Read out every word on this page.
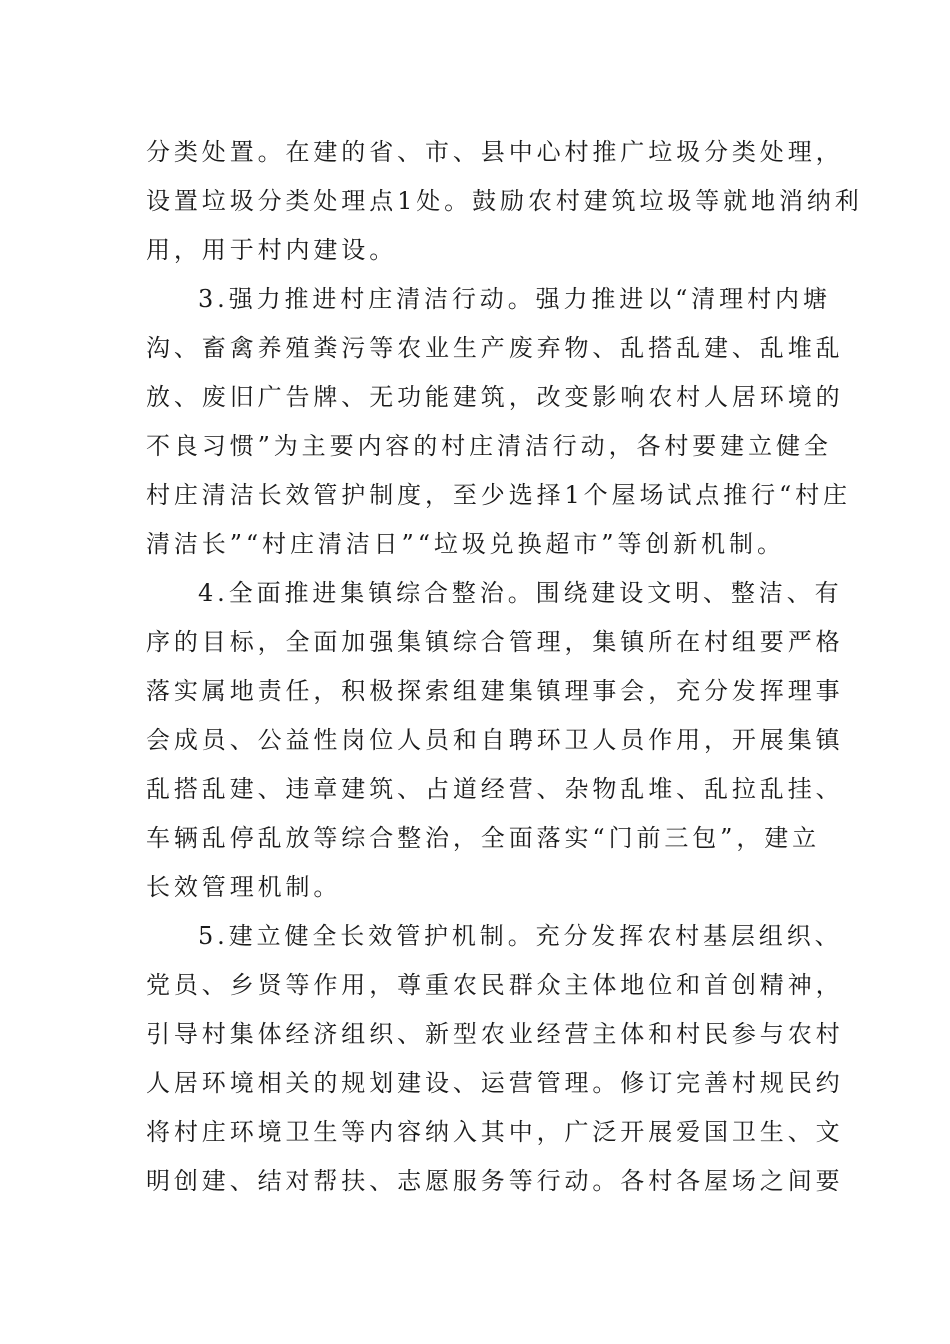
分类处置。在建的省、市、县中心村推广垃圾分类处理，
设置垃圾分类处理点1处。鼓励农村建筑垃圾等就地消纳利
用，用于村内建设。
3.强力推进村庄清洁行动。强力推进以“清理村内塘
沟、畜禽养殖粪污等农业生产废弃物、乱搭乱建、乱堆乱
放、废旧广告牌、无功能建筑，改变影响农村人居环境的
不良习惯”为主要内容的村庄清洁行动，各村要建立健全
村庄清洁长效管护制度，至少选择1个屋场试点推行“村庄
清洁长”“村庄清洁日”“垃圾兑换超市”等创新机制。
4.全面推进集镇综合整治。围绕建设文明、整洁、有
序的目标，全面加强集镇综合管理，集镇所在村组要严格
落实属地责任，积极探索组建集镇理事会，充分发挥理事
会成员、公益性岗位人员和自聘环卫人员作用，开展集镇
乱搭乱建、违章建筑、占道经营、杂物乱堆、乱拉乱挂、
车辆乱停乱放等综合整治，全面落实“门前三包”，建立
长效管理机制。
5.建立健全长效管护机制。充分发挥农村基层组织、
党员、乡贤等作用，尊重农民群众主体地位和首创精神，
引导村集体经济组织、新型农业经营主体和村民参与农村
人居环境相关的规划建设、运营管理。修订完善村规民约
将村庄环境卫生等内容纳入其中，广泛开展爱国卫生、文
明创建、结对帮扶、志愿服务等行动。各村各屋场之间要
